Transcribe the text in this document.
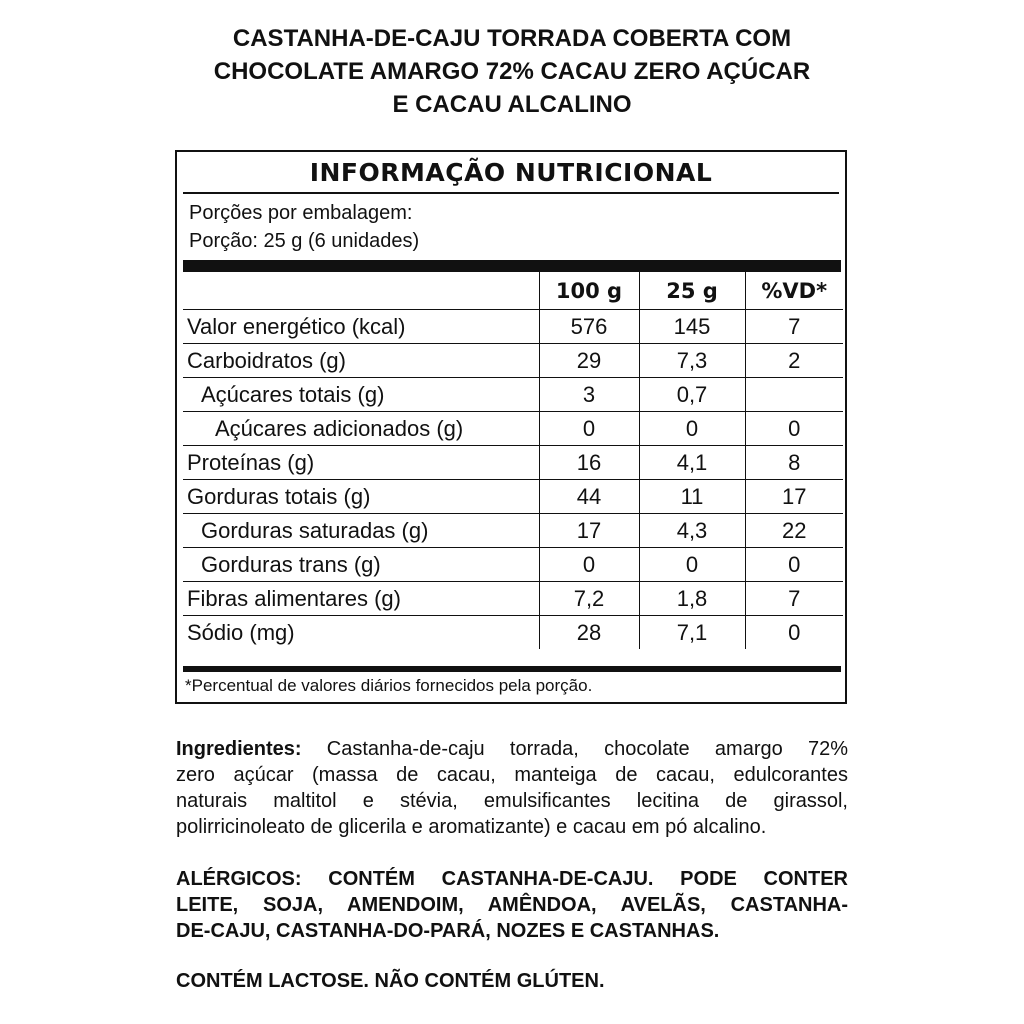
CASTANHA-DE-CAJU TORRADA COBERTA COM
CHOCOLATE AMARGO 72% CACAU ZERO AÇÚCAR
E CACAU ALCALINO
INFORMAÇÃO NUTRICIONAL
Porções por embalagem:
Porção: 25 g (6 unidades)
	100 g	25 g	%VD*
Valor energético (kcal)	576	145	7
Carboidratos (g)	29	7,3	2
Açúcares totais (g)	3	0,7	
Açúcares adicionados (g)	0	0	0
Proteínas (g)	16	4,1	8
Gorduras totais (g)	44	11	17
Gorduras saturadas (g)	17	4,3	22
Gorduras trans (g)	0	0	0
Fibras alimentares (g)	7,2	1,8	7
Sódio (mg)	28	7,1	0
*Percentual de valores diários fornecidos pela porção.
Ingredientes: Castanha-de-caju torrada, chocolate amargo 72%
zero açúcar (massa de cacau, manteiga de cacau, edulcorantes
naturais maltitol e stévia, emulsificantes lecitina de girassol,
polirricinoleato de glicerila e aromatizante) e cacau em pó alcalino.
ALÉRGICOS: CONTÉM CASTANHA-DE-CAJU. PODE CONTER
LEITE, SOJA, AMENDOIM, AMÊNDOA, AVELÃS, CASTANHA-
DE-CAJU, CASTANHA-DO-PARÁ, NOZES E CASTANHAS.
CONTÉM LACTOSE. NÃO CONTÉM GLÚTEN.
